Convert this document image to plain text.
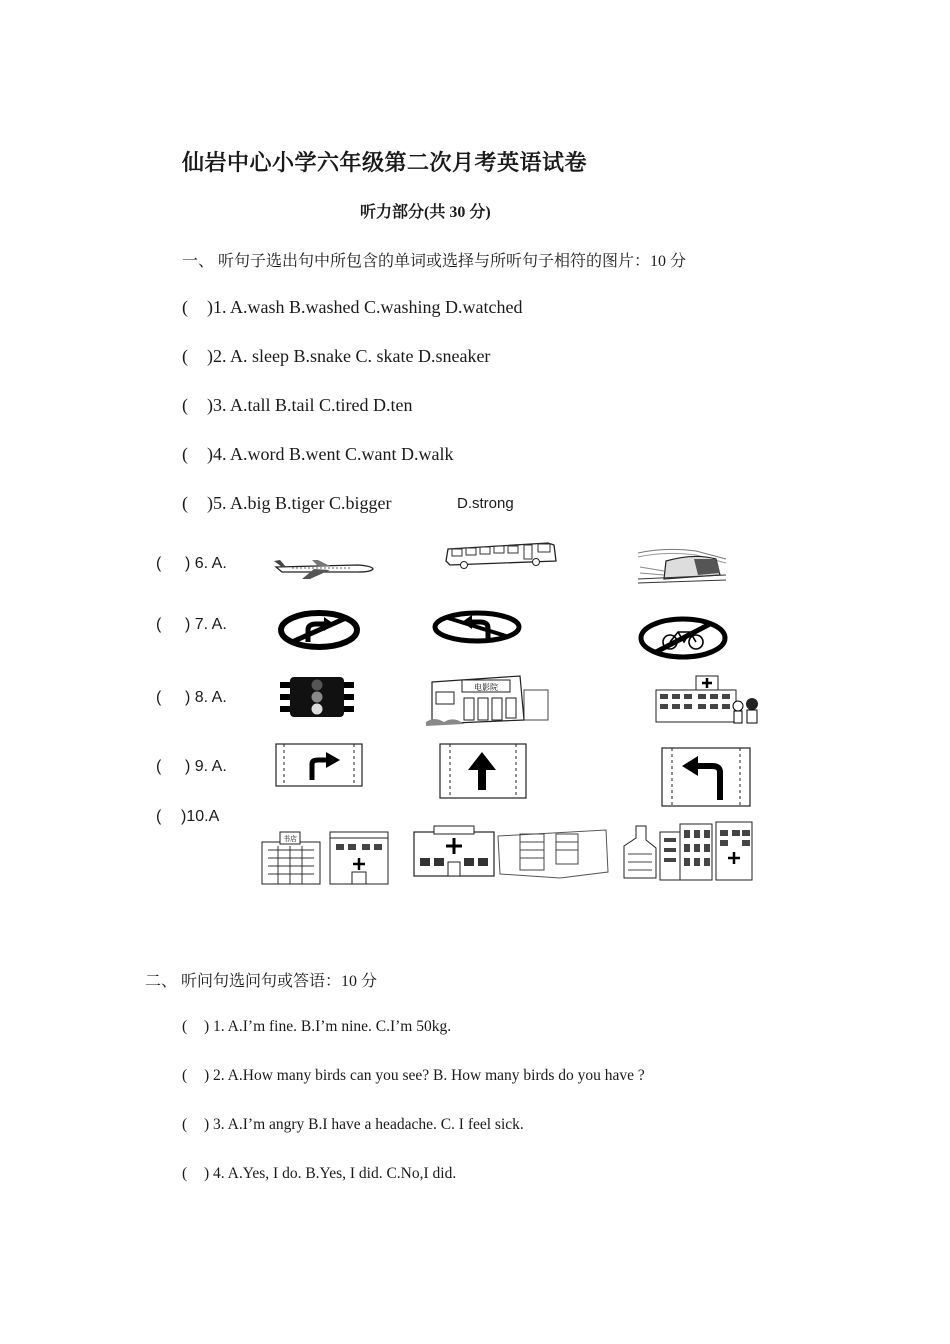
仙岩中心小学六年级第二次月考英语试卷
听力部分(共 30 分)
一、 听句子选出句中所包含的单词或选择与所听句子相符的图片：10 分
( )1. A.wash B.washed C.washing D.watched
( )2. A. sleep B.snake C. skate D.sneaker
( )3. A.tall B.tail C.tired D.ten
( )4. A.word B.went C.want D.walk
( )5. A.big B.tiger C.bigger	D.strong
( ) 6. A.
( ) 7. A.
( ) 8. A.
( ) 9. A.
( )10.A
电影院
书店
二、 听问句选问句或答语：10 分
( ) 1. A.I’m fine. B.I’m nine. C.I’m 50kg.
( ) 2. A.How many birds can you see? B. How many birds do you have ?
( ) 3. A.I’m angry B.I have a headache. C. I feel sick.
( ) 4. A.Yes, I do. B.Yes, I did. C.No,I did.
